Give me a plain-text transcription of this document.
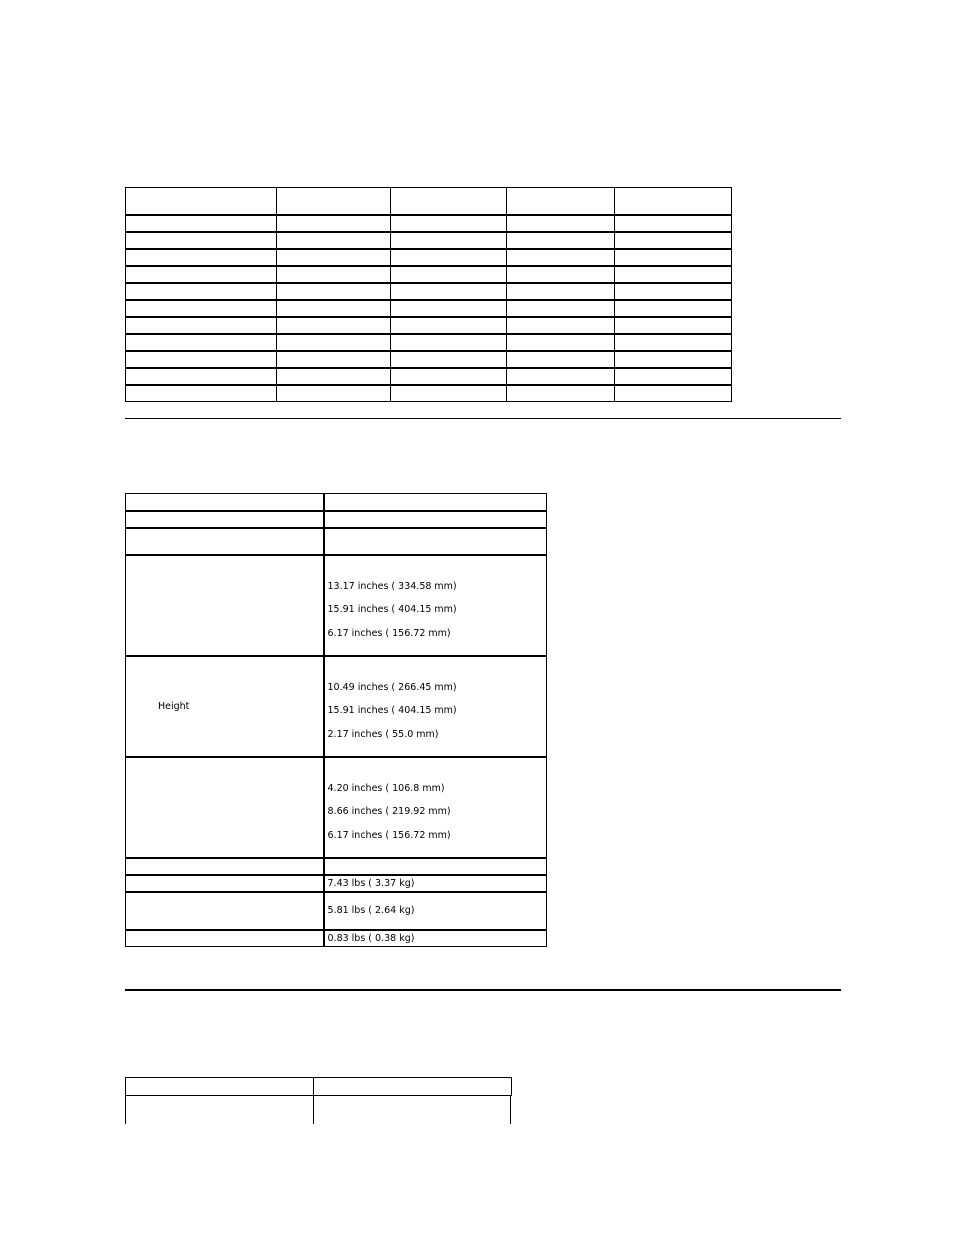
	13.17 inches ( 334.58 mm)
15.91 inches ( 404.15 mm)
6.17 inches ( 156.72 mm)

Height	10.49 inches ( 266.45 mm)
15.91 inches ( 404.15 mm)
2.17 inches ( 55.0 mm)

	4.20 inches ( 106.8 mm)
8.66 inches ( 219.92 mm)
6.17 inches ( 156.72 mm)

	7.43 lbs ( 3.37 kg)
	5.81 lbs ( 2.64 kg)
	0.83 lbs ( 0.38 kg)
